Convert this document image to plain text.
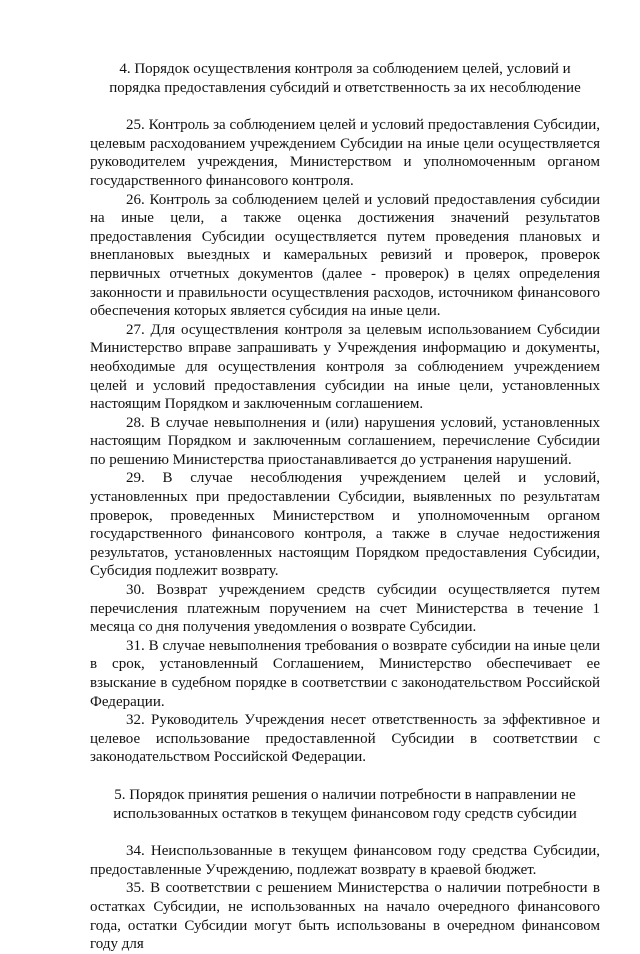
4. Порядок осуществления контроля за соблюдением целей, условий и порядка предоставления субсидий и ответственность за их несоблюдение

25. Контроль за соблюдением целей и условий предоставления Субсидии, целевым расходованием учреждением Субсидии на иные цели осуществляется руководителем учреждения, Министерством и уполномоченным органом государственного финансового контроля.

26. Контроль за соблюдением целей и условий предоставления субсидии на иные цели, а также оценка достижения значений результатов предоставления Субсидии осуществляется путем проведения плановых и внеплановых выездных и камеральных ревизий и проверок, проверок первичных отчетных документов (далее - проверок) в целях определения законности и правильности осуществления расходов, источником финансового обеспечения которых является субсидия на иные цели.

27. Для осуществления контроля за целевым использованием Субсидии Министерство вправе запрашивать у Учреждения информацию и документы, необходимые для осуществления контроля за соблюдением учреждением целей и условий предоставления субсидии на иные цели, установленных настоящим Порядком и заключенным соглашением.

28. В случае невыполнения и (или) нарушения условий, установленных настоящим Порядком и заключенным соглашением, перечисление Субсидии по решению Министерства приостанавливается до устранения нарушений.

29. В случае несоблюдения учреждением целей и условий, установленных при предоставлении Субсидии, выявленных по результатам проверок, проведенных Министерством и уполномоченным органом государственного финансового контроля, а также в случае недостижения результатов, установленных настоящим Порядком предоставления Субсидии, Субсидия подлежит возврату.

30. Возврат учреждением средств субсидии осуществляется путем перечисления платежным поручением на счет Министерства в течение 1 месяца со дня получения уведомления о возврате Субсидии.

31. В случае невыполнения требования о возврате субсидии на иные цели в срок, установленный Соглашением, Министерство обеспечивает ее взыскание в судебном порядке в соответствии с законодательством Российской Федерации.

32. Руководитель Учреждения несет ответственность за эффективное и целевое использование предоставленной Субсидии в соответствии с законодательством Российской Федерации.

5. Порядок принятия решения о наличии потребности в направлении не использованных остатков в текущем финансовом году средств субсидии

34. Неиспользованные в текущем финансовом году средства Субсидии, предоставленные Учреждению, подлежат возврату в краевой бюджет.

35. В соответствии с решением Министерства о наличии потребности в остатках Субсидии, не использованных на начало очередного финансового года, остатки Субсидии могут быть использованы в очередном финансовом году для
